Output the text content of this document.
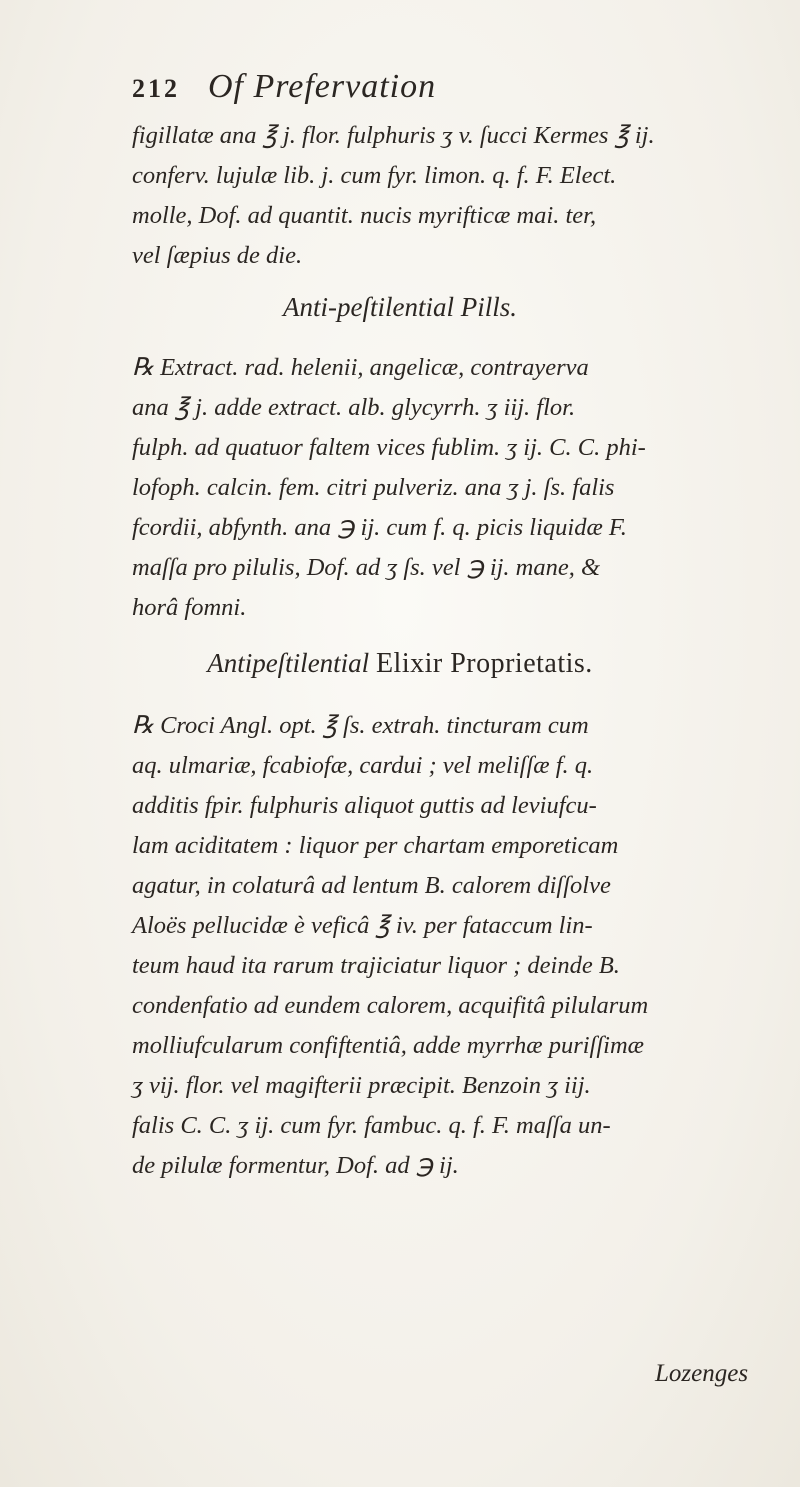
212 Of Prefervation
figillatæ ana ℥ j. flor. fulphuris ʒ v. ſucci Kermes ℥ ij.
conferv. lujulæ lib. j. cum fyr. limon. q. f. F. Elect.
molle, Dof. ad quantit. nucis myrifticæ mai. ter,
vel ſæpius de die.
Anti-peſtilential Pills.
℞ Extract. rad. helenii, angelicæ, contrayerva
ana ℥ j. adde extract. alb. glycyrrh. ʒ iij. flor.
fulph. ad quatuor faltem vices fublim. ʒ ij. C. C. phi-
lofoph. calcin. fem. citri pulveriz. ana ʒ j. ſs. falis
fcordii, abfynth. ana ℈ ij. cum f. q. picis liquidæ F.
maſſa pro pilulis, Dof. ad ʒ ſs. vel ℈ ij. mane, &
horâ fomni.
Antipeſtilential Elixir Proprietatis.
℞ Croci Angl. opt. ℥ ſs. extrah. tincturam cum
aq. ulmariæ, fcabiofæ, cardui ; vel meliſſæ f. q.
additis fpir. fulphuris aliquot guttis ad leviufcu-
lam aciditatem : liquor per chartam emporeticam
agatur, in colaturâ ad lentum B. calorem diſſolve
Aloës pellucidæ è veficâ ℥ iv. per fataccum lin-
teum haud ita rarum trajiciatur liquor ; deinde B.
condenfatio ad eundem calorem, acquifitâ pilularum
molliufcularum confiftentiâ, adde myrrhæ puriſſimæ
ʒ vij. flor. vel magifterii præcipit. Benzoin ʒ iij.
falis C. C. ʒ ij. cum fyr. fambuc. q. f. F. maſſa un-
de pilulæ formentur, Dof. ad ℈ ij.
Lozenges
